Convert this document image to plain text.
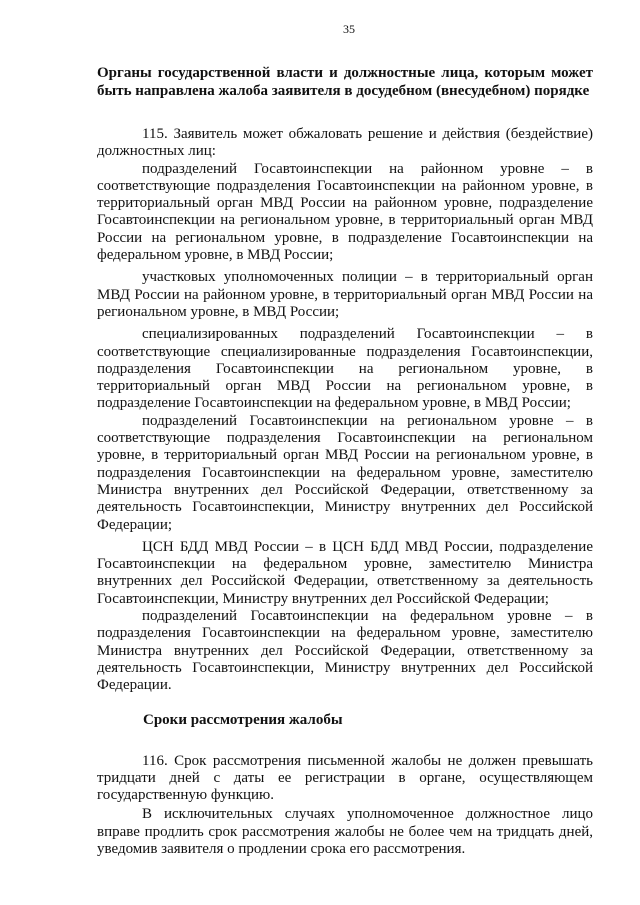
35
Органы государственной власти и должностные лица, которым может быть направлена жалоба заявителя в досудебном (внесудебном) порядке

115. Заявитель может обжаловать решение и действия (бездействие) должностных лиц:

подразделений Госавтоинспекции на районном уровне – в соответствующие подразделения Госавтоинспекции на районном уровне, в территориальный орган МВД России на районном уровне, подразделение Госавтоинспекции на региональном уровне, в территориальный орган МВД России на региональном уровне, в подразделение Госавтоинспекции на федеральном уровне, в МВД России;

участковых уполномоченных полиции – в территориальный орган МВД России на районном уровне, в территориальный орган МВД России на региональном уровне, в МВД России;

специализированных подразделений Госавтоинспекции – в соответствующие специализированные подразделения Госавтоинспекции, подразделения Госавтоинспекции на региональном уровне, в территориальный орган МВД России на региональном уровне, в подразделение Госавтоинспекции на федеральном уровне, в МВД России;

подразделений Госавтоинспекции на региональном уровне – в соответствующие подразделения Госавтоинспекции на региональном уровне, в территориальный орган МВД России на региональном уровне, в подразделения Госавтоинспекции на федеральном уровне, заместителю Министра внутренних дел Российской Федерации, ответственному за деятельность Госавтоинспекции, Министру внутренних дел Российской Федерации;

ЦСН БДД МВД России – в ЦСН БДД МВД России, подразделение Госавтоинспекции на федеральном уровне, заместителю Министра внутренних дел Российской Федерации, ответственному за деятельность Госавтоинспекции, Министру внутренних дел Российской Федерации;

подразделений Госавтоинспекции на федеральном уровне – в подразделения Госавтоинспекции на федеральном уровне, заместителю Министра внутренних дел Российской Федерации, ответственному за деятельность Госавтоинспекции, Министру внутренних дел Российской Федерации.

Сроки рассмотрения жалобы

116. Срок рассмотрения письменной жалобы не должен превышать тридцати дней с даты ее регистрации в органе, осуществляющем государственную функцию.

В исключительных случаях уполномоченное должностное лицо вправе продлить срок рассмотрения жалобы не более чем на тридцать дней, уведомив заявителя о продлении срока его рассмотрения.
